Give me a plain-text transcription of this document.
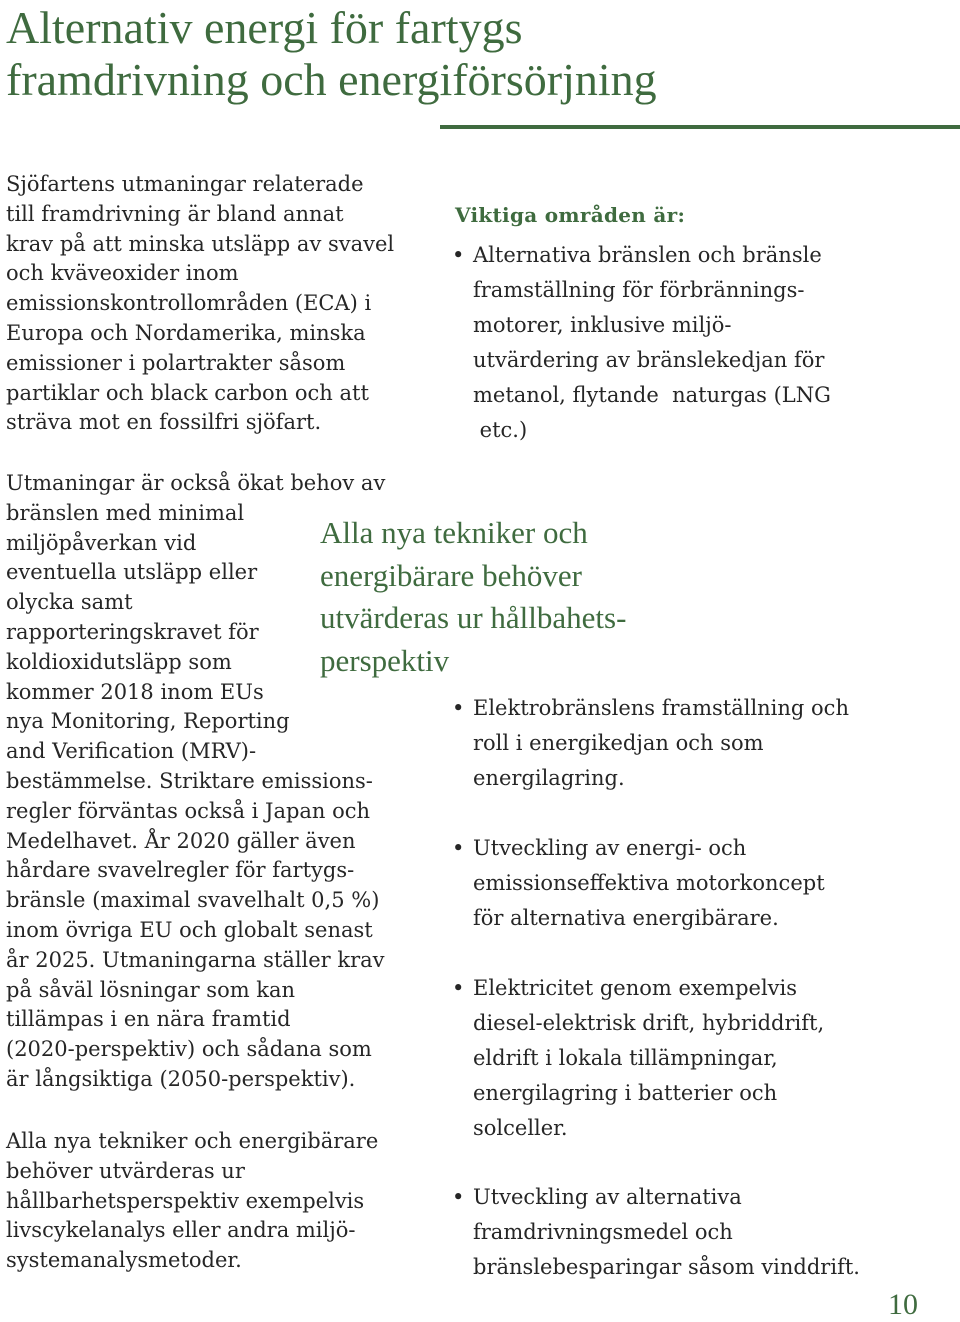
Alternativ energi för fartygs
framdrivning och energiförsörjning

Sjöfartens utmaningar relaterade
till framdrivning är bland annat
krav på att minska utsläpp av svavel
och kväveoxider inom
emissionskontrollområden (ECA) i
Europa och Nordamerika, minska
emissioner i polartrakter såsom
partiklar och black carbon och att
sträva mot en fossilfri sjöfart.

Utmaningar är också ökat behov av
bränslen med minimal
miljöpåverkan vid
eventuella utsläpp eller
olycka samt
rapporteringskravet för
koldioxidutsläpp som
kommer 2018 inom EUs
nya Monitoring, Reporting
and Verification (MRV)-
bestämmelse. Striktare emissions-
regler förväntas också i Japan och
Medelhavet. År 2020 gäller även
hårdare svavelregler för fartygs-
bränsle (maximal svavelhalt 0,5 %)
inom övriga EU och globalt senast
år 2025. Utmaningarna ställer krav
på såväl lösningar som kan
tillämpas i en nära framtid
(2020-perspektiv) och sådana som
är långsiktiga (2050-perspektiv).

Alla nya tekniker och energibärare
behöver utvärderas ur
hållbarhetsperspektiv exempelvis
livscykelanalys eller andra miljö-
systemanalysmetoder.

Alla nya tekniker och
energibärare behöver
utvärderas ur hållbahets-
perspektiv

Viktiga områden är:
• Alternativa bränslen och bränsle
framställning för förbrännings-
motorer, inklusive miljö-
utvärdering av bränslekedjan för
metanol, flytande  naturgas (LNG
etc.)
• Elektrobränslens framställning och
roll i energikedjan och som
energilagring.
• Utveckling av energi- och
emissionseffektiva motorkoncept
för alternativa energibärare.
• Elektricitet genom exempelvis
diesel-elektrisk drift, hybriddrift,
eldrift i lokala tillämpningar,
energilagring i batterier och
solceller.
• Utveckling av alternativa
framdrivningsmedel och
bränslebesparingar såsom vinddrift.
10
